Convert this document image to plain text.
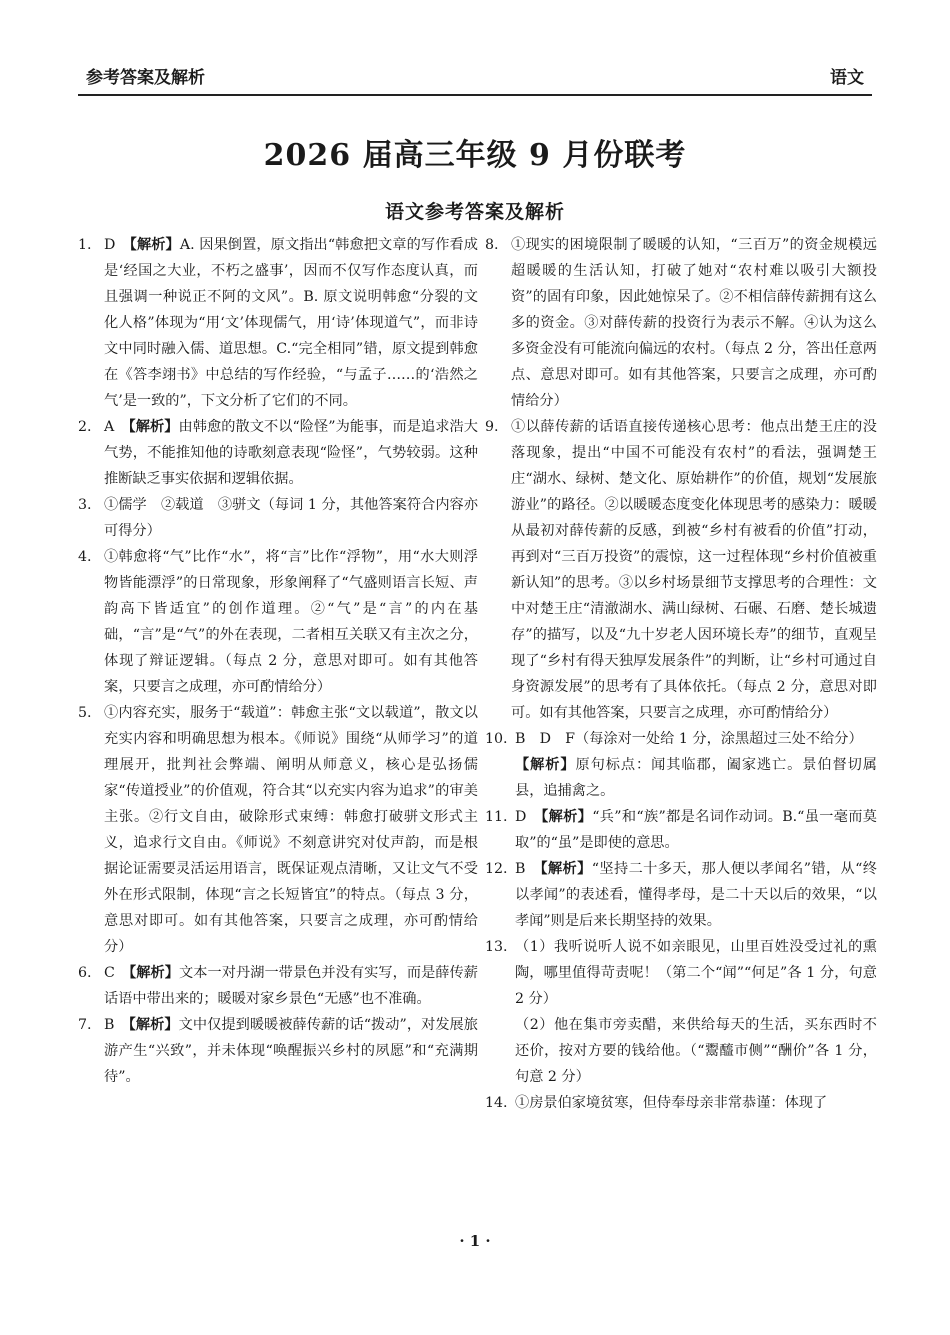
参考答案及解析	语文
2026 届高三年级 9 月份联考
语文参考答案及解析
1. D　 【解析】A. 因果倒置，原文指出“韩愈把文章的写作看成是‘经国之大业，不朽之盛事’，因而不仅写作态度认真，而且强调一种说正不阿的文风”。B. 原文说明韩愈“分裂的文化人格”体现为“用‘文’体现儒气，用‘诗’体现道气”，而非诗文中同时融入儒、道思想。C.“完全相同”错，原文提到韩愈在《答李翊书》中总结的写作经验，“与孟子……的‘浩然之气’是一致的”，下文分析了它们的不同。
2. A　 【解析】由韩愈的散文不以“险怪”为能事，而是追求浩大气势，不能推知他的诗歌刻意表现“险怪”，气势较弱。这种推断缺乏事实依据和逻辑依据。
3. ①儒学　②载道　③骈文（每词 1 分，其他答案符合内容亦可得分）
4. ①韩愈将“气”比作“水”，将“言”比作“浮物”，用“水大则浮物皆能漂浮”的日常现象，形象阐释了“气盛则语言长短、声韵高下皆适宜”的创作道理。②“气”是“言”的内在基础，“言”是“气”的外在表现，二者相互关联又有主次之分，体现了辩证逻辑。（每点 2 分，意思对即可。如有其他答案，只要言之成理，亦可酌情给分）
5. ①内容充实，服务于“载道”：韩愈主张“文以载道”，散文以充实内容和明确思想为根本。《师说》围绕“从师学习”的道理展开，批判社会弊端、阐明从师意义，核心是弘扬儒家“传道授业”的价值观，符合其“以充实内容为追求”的审美主张。②行文自由，破除形式束缚：韩愈打破骈文形式主义，追求行文自由。《师说》不刻意讲究对仗声韵，而是根据论证需要灵活运用语言，既保证观点清晰，又让文气不受外在形式限制，体现“言之长短皆宜”的特点。（每点 3 分，意思对即可。如有其他答案，只要言之成理，亦可酌情给分）
6. C　 【解析】文本一对丹湖一带景色并没有实写，而是薛传薪话语中带出来的；暖暖对家乡景色“无感”也不准确。
7. B　 【解析】文中仅提到暖暖被薛传薪的话“拨动”，对发展旅游产生“兴致”，并未体现“唤醒振兴乡村的夙愿”和“充满期待”。
8. ①现实的困境限制了暖暖的认知，“三百万”的资金规模远超暖暖的生活认知，打破了她对“农村难以吸引大额投资”的固有印象，因此她惊呆了。②不相信薛传薪拥有这么多的资金。③对薛传薪的投资行为表示不解。④认为这么多资金没有可能流向偏远的农村。（每点 2 分，答出任意两点、意思对即可。如有其他答案，只要言之成理，亦可酌情给分）
9. ①以薛传薪的话语直接传递核心思考：他点出楚王庄的没落现象，提出“中国不可能没有农村”的看法，强调楚王庄“湖水、绿树、楚文化、原始耕作”的价值，规划“发展旅游业”的路径。②以暖暖态度变化体现思考的感染力：暖暖从最初对薛传薪的反感，到被“乡村有被看的价值”打动，再到对“三百万投资”的震惊，这一过程体现“乡村价值被重新认知”的思考。③以乡村场景细节支撑思考的合理性：文中对楚王庄“清澈湖水、满山绿树、石碾、石磨、楚长城遗存”的描写，以及“九十岁老人因环境长寿”的细节，直观呈现了“乡村有得天独厚发展条件”的判断，让“乡村可通过自身资源发展”的思考有了具体依托。（每点 2 分，意思对即可。如有其他答案，只要言之成理，亦可酌情给分）
10. B　D　F（每涂对一处给 1 分，涂黑超过三处不给分）
【解析】原句标点：闻其临郡，阖家逃亡。景伯督切属县，追捕禽之。
11. D　 【解析】“兵”和“族”都是名词作动词。B.“虽一毫而莫取”的“虽”是即使的意思。
12. B　 【解析】“坚持二十多天，那人便以孝闻名”错，从“终以孝闻”的表述看，懂得孝母，是二十天以后的效果，“以孝闻”则是后来长期坚持的效果。
13. （1）我听说听人说不如亲眼见，山里百姓没受过礼的熏陶，哪里值得苛责呢！（第二个“闻”“何足”各 1 分，句意 2 分）
（2）他在集市旁卖醋，来供给每天的生活，买东西时不还价，按对方要的钱给他。（“鬻醯市侧”“酬价”各 1 分，句意 2 分）
14. ①房景伯家境贫寒，但侍奉母亲非常恭谨：体现了
· 1 ·
